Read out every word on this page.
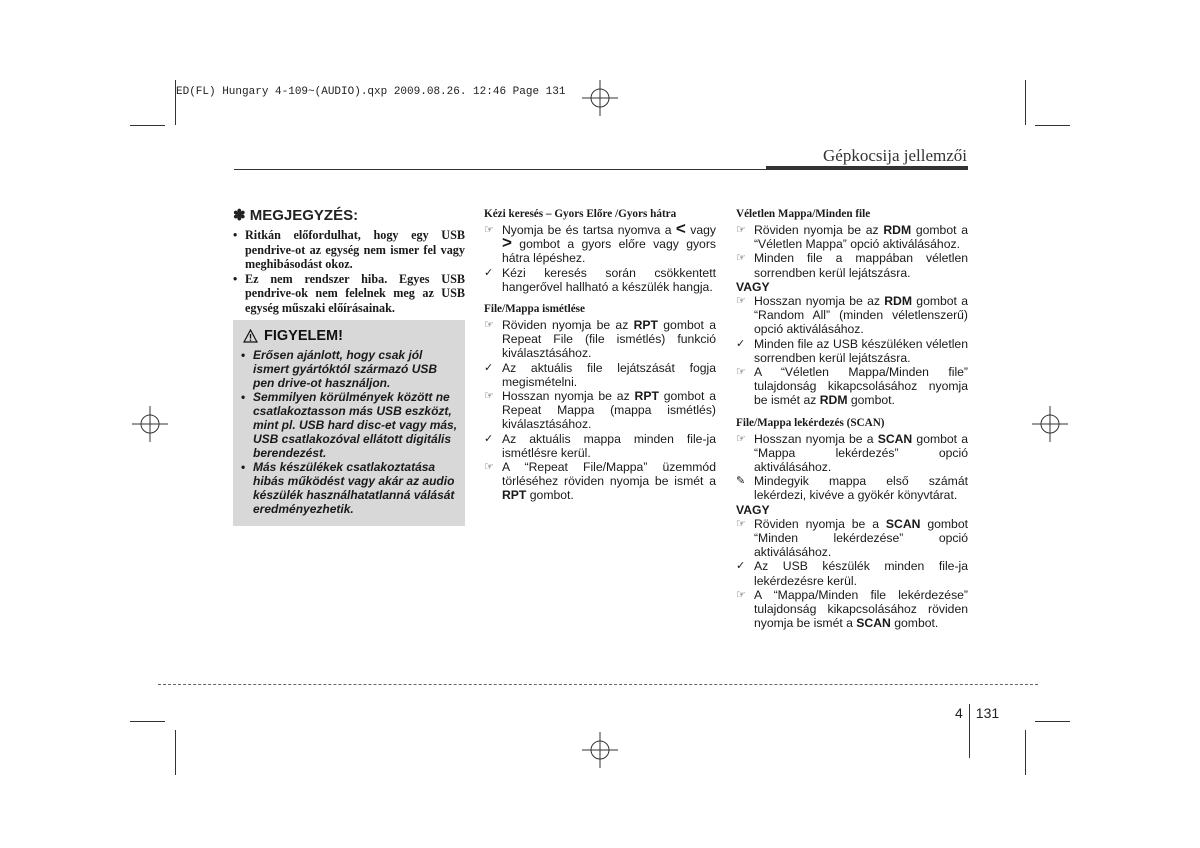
ED(FL) Hungary 4-109~(AUDIO).qxp 2009.08.26. 12:46 Page 131
Gépkocsija jellemzői
✽ MEGJEGYZÉS:
• Ritkán előfordulhat, hogy egy USB pendrive-ot az egység nem ismer fel vagy meghibásodást okoz.
• Ez nem rendszer hiba. Egyes USB pendrive-ok nem felelnek meg az USB egység műszaki előírásainak.
FIGYELEM!
• Erősen ajánlott, hogy csak jól ismert gyártóktól származó USB pen drive-ot használjon.
• Semmilyen körülmények között ne csatlakoztasson más USB eszközt, mint pl. USB hard disc-et vagy más, USB csatlakozóval ellátott digitális berendezést.
• Más készülékek csatlakoztatása hibás működést vagy akár az audio készülék használhatatlanná válását eredményezhetik.
Kézi keresés – Gyors Előre /Gyors hátra
☞ Nyomja be és tartsa nyomva a < vagy > gombot a gyors előre vagy gyors hátra lépéshez.
✓ Kézi keresés során csökkentett hangerővel hallható a készülék hangja.
File/Mappa ismétlése
☞ Röviden nyomja be az RPT gombot a Repeat File (file ismétlés) funkció kiválasztásához.
✓ Az aktuális file lejátszását fogja megismételni.
☞ Hosszan nyomja be az RPT gombot a Repeat Mappa (mappa ismétlés) kiválasztásához.
✓ Az aktuális mappa minden file-ja ismétlésre kerül.
☞ A “Repeat File/Mappa” üzemmód törléséhez röviden nyomja be ismét a RPT gombot.
Véletlen Mappa/Minden file
☞ Röviden nyomja be az RDM gombot a “Véletlen Mappa” opció aktiválásához.
☞ Minden file a mappában véletlen sorrendben kerül lejátszásra.
VAGY
☞ Hosszan nyomja be az RDM gombot a “Random All” (minden véletlenszerű) opció aktiválásához.
✓ Minden file az USB készüléken véletlen sorrendben kerül lejátszásra.
☞ A “Véletlen Mappa/Minden file” tulajdonság kikapcsolásához nyomja be ismét az RDM gombot.
File/Mappa lekérdezés (SCAN)
☞ Hosszan nyomja be a SCAN gombot a “Mappa lekérdezés” opció aktiválásához.
✎ Mindegyik mappa első számát lekérdezi, kivéve a gyökér könyvtárat.
VAGY
☞ Röviden nyomja be a SCAN gombot “Minden lekérdezése” opció aktiválásához.
✓ Az USB készülék minden file-ja lekérdezésre kerül.
☞ A “Mappa/Minden file lekérdezése” tulajdonság kikapcsolásához röviden nyomja be ismét a SCAN gombot.
4 131
